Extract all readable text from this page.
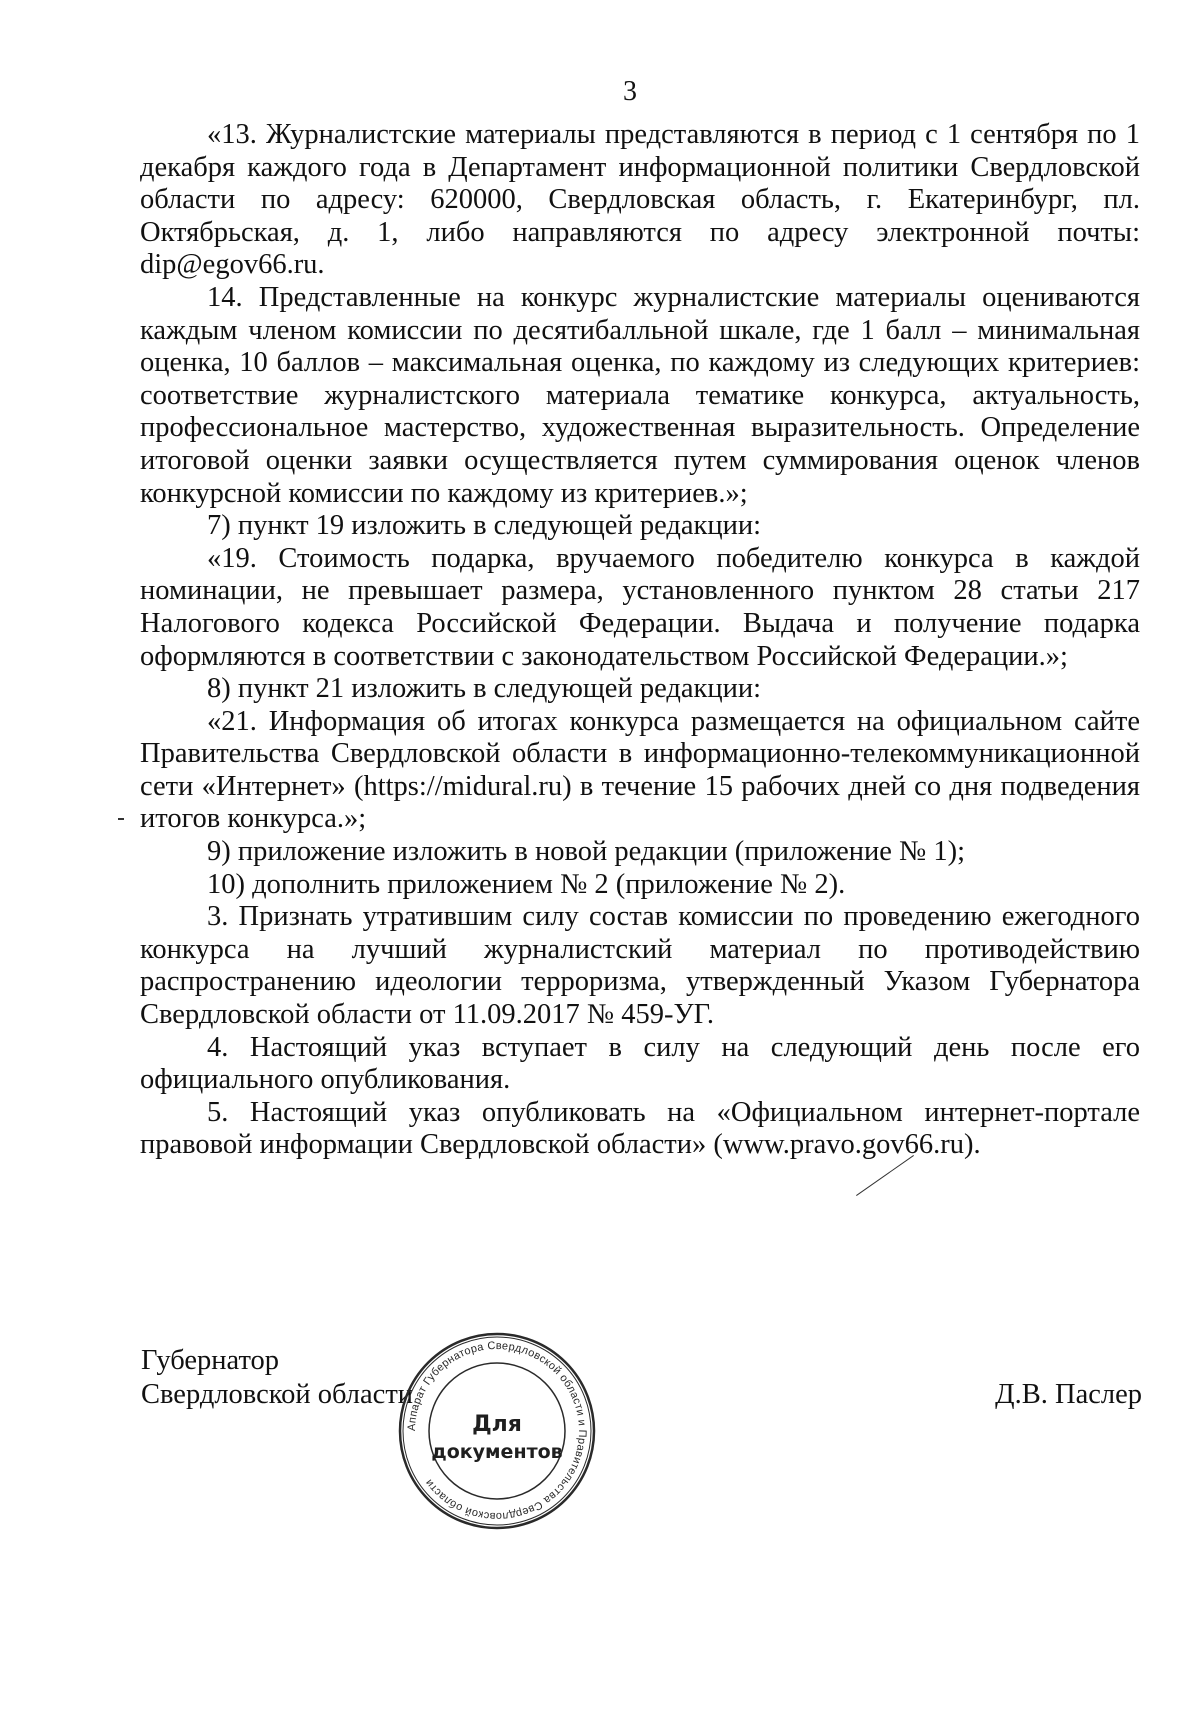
3

«13. Журналистские материалы представляются в период с 1 сентября по 1 декабря каждого года в Департамент информационной политики Свердловской области по адресу: 620000, Свердловская область, г. Екатеринбург, пл. Октябрьская, д. 1, либо направляются по адресу электронной почты: dip@egov66.ru.

14. Представленные на конкурс журналистские материалы оцениваются каждым членом комиссии по десятибалльной шкале, где 1 балл – минимальная оценка, 10 баллов – максимальная оценка, по каждому из следующих критериев: соответствие журналистского материала тематике конкурса, актуальность, профессиональное мастерство, художественная выразительность. Определение итоговой оценки заявки осуществляется путем суммирования оценок членов конкурсной комиссии по каждому из критериев.»;

7) пункт 19 изложить в следующей редакции:

«19. Стоимость подарка, вручаемого победителю конкурса в каждой номинации, не превышает размера, установленного пунктом 28 статьи 217 Налогового кодекса Российской Федерации. Выдача и получение подарка оформляются в соответствии с законодательством Российской Федерации.»;

8) пункт 21 изложить в следующей редакции:

«21. Информация об итогах конкурса размещается на официальном сайте Правительства Свердловской области в информационно-телекоммуникационной сети «Интернет» (https://midural.ru) в течение 15 рабочих дней со дня подведения итогов конкурса.»;

9) приложение изложить в новой редакции (приложение № 1);

10) дополнить приложением № 2 (приложение № 2).

3. Признать утратившим силу состав комиссии по проведению ежегодного конкурса на лучший журналистский материал по противодействию распространению идеологии терроризма, утвержденный Указом Губернатора Свердловской области от 11.09.2017 № 459-УГ.

4. Настоящий указ вступает в силу на следующий день после его официального опубликования.

5. Настоящий указ опубликовать на «Официальном интернет-портале правовой информации Свердловской области» (www.pravo.gov66.ru).

Губернатор
Свердловской области	Д.В. Паслер
Аппарат Губернатора Свердловской области и Правительства Свердловской области
Для
документов
